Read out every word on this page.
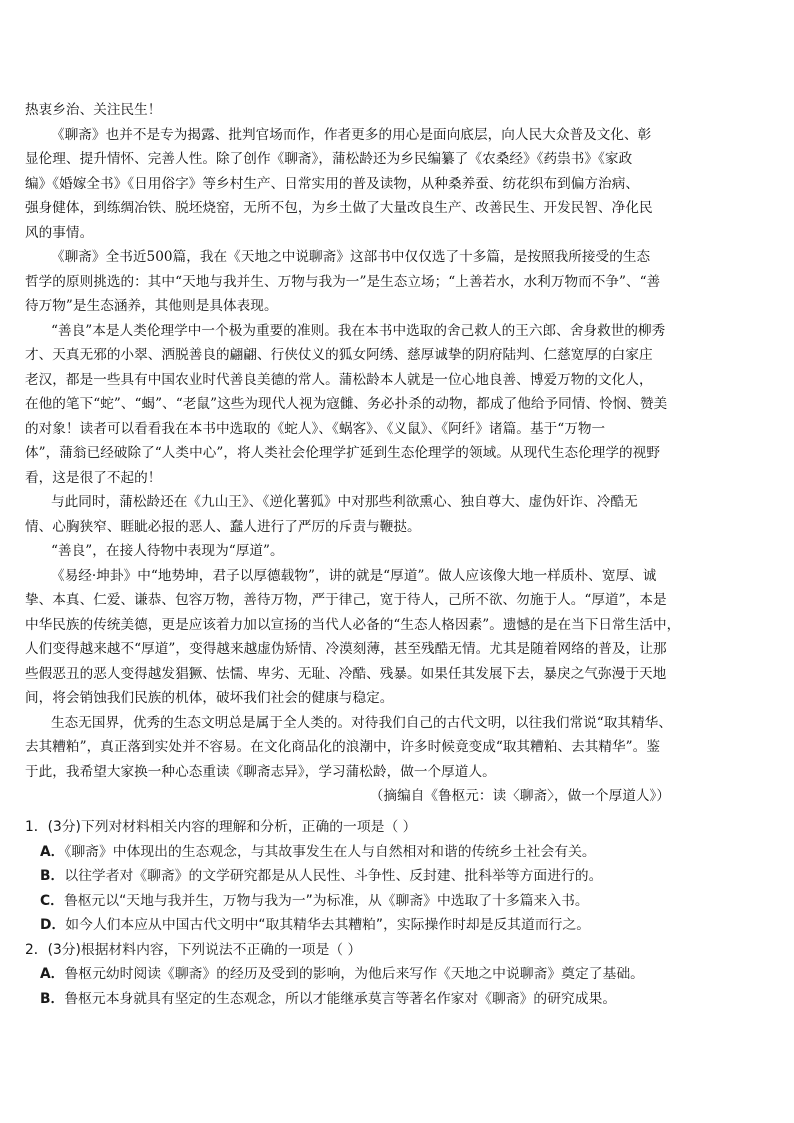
热衷乡治、关注民生！
《聊斋》也并不是专为揭露、批判官场而作，作者更多的用心是面向底层，向人民大众普及文化、彰
显伦理、提升情怀、完善人性。除了创作《聊斋》，蒲松龄还为乡民编纂了《农桑经》《药祟书》《家政
编》《婚嫁全书》《日用俗字》等乡村生产、日常实用的普及读物，从种桑养蚕、纺花织布到偏方治病、
强身健体，到练绸冶铁、脱坯烧窑，无所不包，为乡土做了大量改良生产、改善民生、开发民智、净化民
风的事情。
《聊斋》全书近500篇，我在《天地之中说聊斋》这部书中仅仅选了十多篇，是按照我所接受的生态
哲学的原则挑选的：其中“天地与我并生、万物与我为一”是生态立场；“上善若水，水利万物而不争”、“善
待万物”是生态涵养，其他则是具体表现。
“善良”本是人类伦理学中一个极为重要的准则。我在本书中选取的舍己救人的王六郎、舍身救世的柳秀
才、天真无邪的小翠、洒脱善良的翩翩、行侠仗义的狐女阿绣、慈厚诚挚的阴府陆判、仁慈宽厚的白家庄
老汉，都是一些具有中国农业时代善良美德的常人。蒲松龄本人就是一位心地良善、博爱万物的文化人，
在他的笔下“蛇”、“蝎”、“老鼠”这些为现代人视为寇雠、务必扑杀的动物，都成了他给予同情、怜悯、赞美
的对象！读者可以看看我在本书中选取的《蛇人》、《蜗客》、《义鼠》、《阿纤》诸篇。基于“万物一
体”，蒲翁已经破除了“人类中心”，将人类社会伦理学扩延到生态伦理学的领域。从现代生态伦理学的视野
看，这是很了不起的！
与此同时，蒲松龄还在《九山王》、《逆化薯狐》中对那些利欲熏心、独自尊大、虚伪奸诈、冷酷无
情、心胸狭窄、睚眦必报的恶人、蠢人进行了严厉的斥责与鞭挞。
“善良”，在接人待物中表现为“厚道”。
《易经·坤卦》中“地势坤，君子以厚德载物”，讲的就是“厚道”。做人应该像大地一样质朴、宽厚、诚
挚、本真、仁爱、谦恭、包容万物，善待万物，严于律己，宽于待人，己所不欲、勿施于人。“厚道”，本是
中华民族的传统美德，更是应该着力加以宣扬的当代人必备的“生态人格因素”。遗憾的是在当下日常生活中，
人们变得越来越不“厚道”，变得越来越虚伪矫情、冷漠刻薄，甚至残酷无情。尤其是随着网络的普及，让那
些假恶丑的恶人变得越发猖獗、怯懦、卑劣、无耻、冷酷、残暴。如果任其发展下去，暴戾之气弥漫于天地
间，将会销蚀我们民族的机体，破坏我们社会的健康与稳定。
生态无国界，优秀的生态文明总是属于全人类的。对待我们自己的古代文明，以往我们常说“取其精华、
去其糟粕”，真正落到实处并不容易。在文化商品化的浪潮中，许多时候竟变成“取其糟粕、去其精华”。鉴
于此，我希望大家换一种心态重读《聊斋志异》，学习蒲松龄，做一个厚道人。
（摘编自《鲁枢元：读〈聊斋〉，做一个厚道人》）
1．(3分)下列对材料相关内容的理解和分析，正确的一项是（ ）
A．《聊斋》中体现出的生态观念，与其故事发生在人与自然相对和谐的传统乡土社会有关。
B．以往学者对《聊斋》的文学研究都是从人民性、斗争性、反封建、批科举等方面进行的。
C．鲁枢元以“天地与我并生，万物与我为一”为标准，从《聊斋》中选取了十多篇来入书。
D．如今人们本应从中国古代文明中“取其精华去其糟粕”，实际操作时却是反其道而行之。
2．(3分)根据材料内容，下列说法不正确的一项是（ ）
A．鲁枢元幼时阅读《聊斋》的经历及受到的影响，为他后来写作《天地之中说聊斋》奠定了基础。
B．鲁枢元本身就具有坚定的生态观念，所以才能继承莫言等著名作家对《聊斋》的研究成果。
